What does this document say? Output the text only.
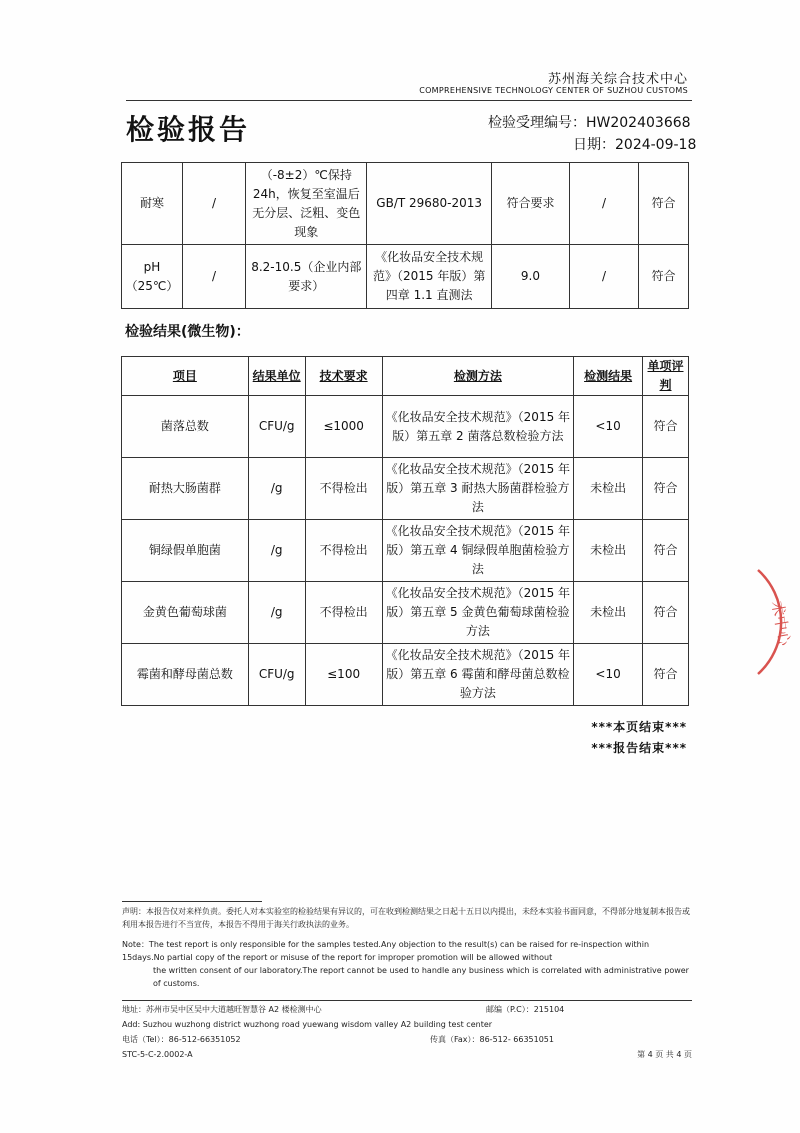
苏州海关综合技术中心
COMPREHENSIVE TECHNOLOGY CENTER OF SUZHOU CUSTOMS
检验报告	检验受理编号：HW202403668
日期：2024-09-18
耐寒	/	（-8±2）℃保持24h，恢复至室温后无分层、泛粗、变色现象	GB/T 29680-2013	符合要求	/	符合
pH（25℃）	/	8.2-10.5（企业内部要求）	《化妆品安全技术规范》（2015 年版）第四章 1.1 直测法	9.0	/	符合
检验结果(微生物)：
项目	结果单位	技术要求	检测方法	检测结果	单项评判
菌落总数	CFU/g	≤1000	《化妆品安全技术规范》（2015 年版）第五章 2 菌落总数检验方法	<10	符合
耐热大肠菌群	/g	不得检出	《化妆品安全技术规范》（2015 年版）第五章 3 耐热大肠菌群检验方法	未检出	符合
铜绿假单胞菌	/g	不得检出	《化妆品安全技术规范》（2015 年版）第五章 4 铜绿假单胞菌检验方法	未检出	符合
金黄色葡萄球菌	/g	不得检出	《化妆品安全技术规范》（2015 年版）第五章 5 金黄色葡萄球菌检验方法	未检出	符合
霉菌和酵母菌总数	CFU/g	≤100	《化妆品安全技术规范》（2015 年版）第五章 6 霉菌和酵母菌总数检验方法	<10	符合
***本页结束***
***报告结束***
术中心
声明：本报告仅对来样负责。委托人对本实验室的检验结果有异议的，可在收到检测结果之日起十五日以内提出，未经本实验书面同意，不得部分地复制本报告或利用本报告进行不当宣传，本报告不得用于海关行政执法的业务。
Note：The test report is only responsible for the samples tested.Any objection to the result(s) can be raised for re-inspection within 15days.No partial copy of the report or misuse of the report for improper promotion will be allowed without
the written consent of our laboratory.The report cannot be used to handle any business which is correlated with administrative power of customs.
地址：苏州市吴中区吴中大道越旺智慧谷 A2 楼检测中心	邮编（P.C）：215104
Add: Suzhou wuzhong district wuzhong road yuewang wisdom valley A2 building test center
电话（Tel）：86-512-66351052	传真（Fax）：86-512- 66351051
STC-5-C-2.0002-A	第 4 页 共 4 页
